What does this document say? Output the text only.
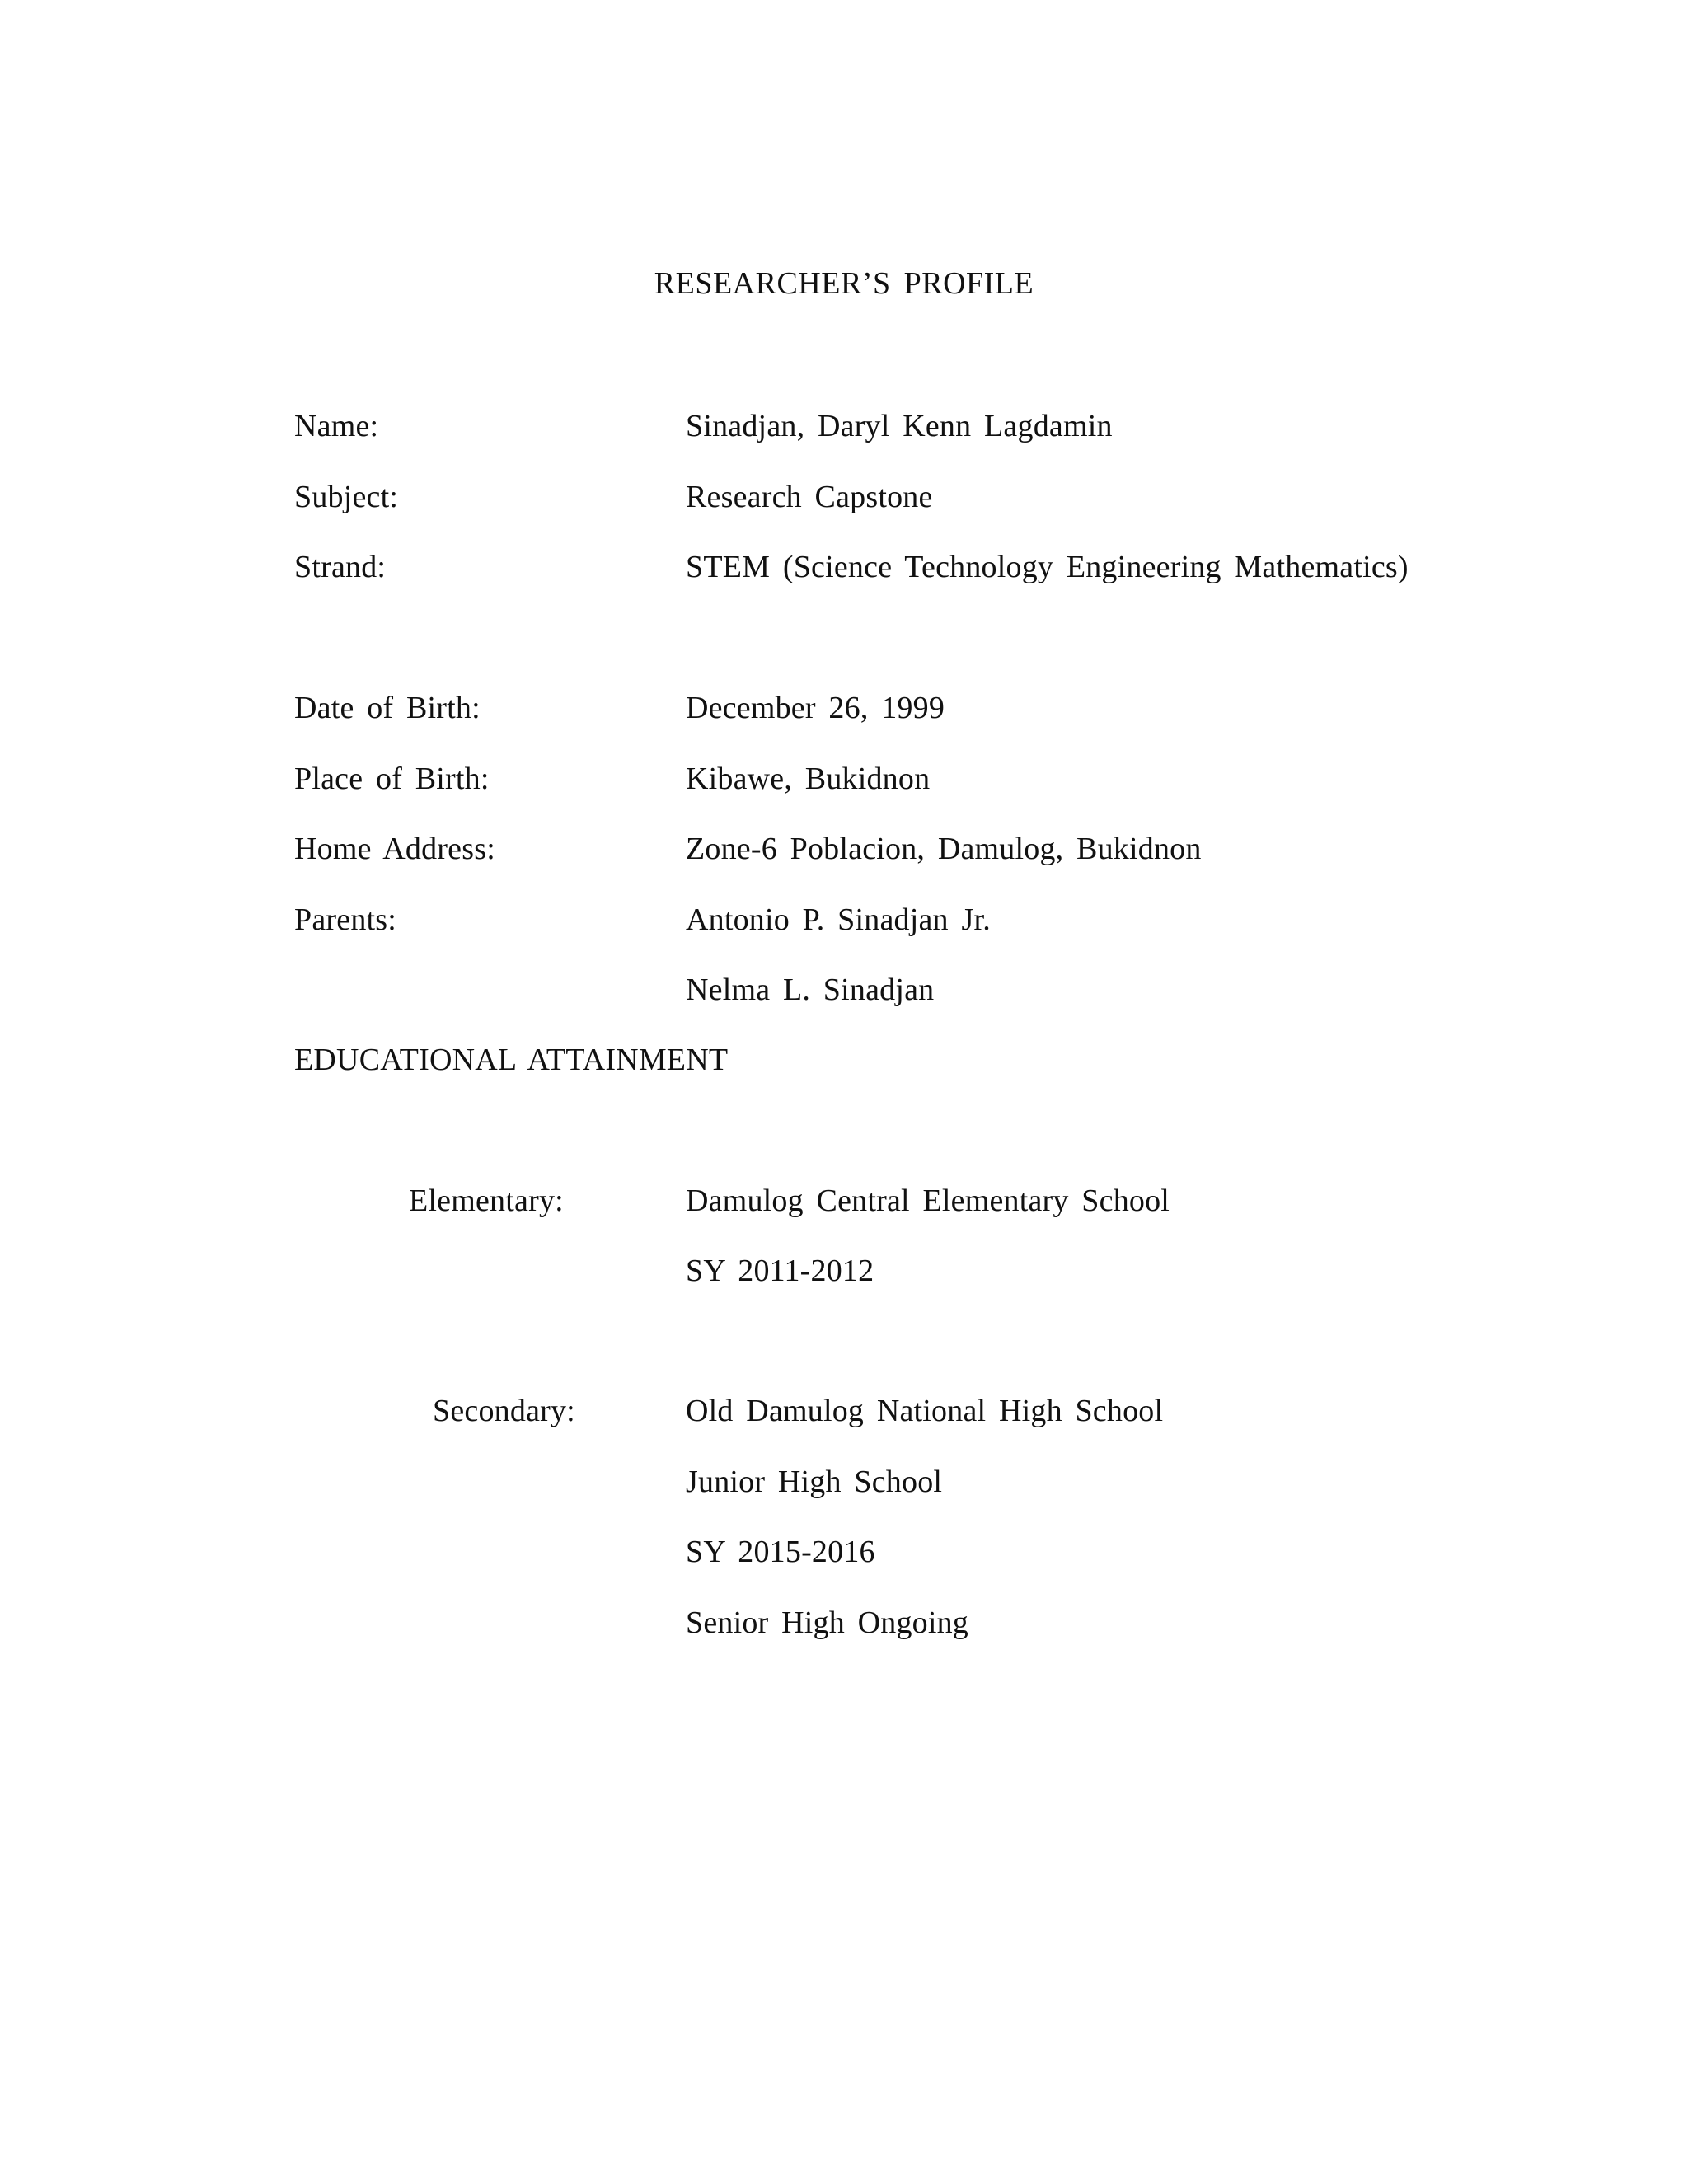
RESEARCHER’S PROFILE
Name:	Sinadjan, Daryl Kenn Lagdamin
Subject:	Research Capstone
Strand:	STEM (Science Technology Engineering Mathematics)
Date of Birth:	December 26, 1999
Place of Birth:	Kibawe, Bukidnon
Home Address:	Zone-6 Poblacion, Damulog, Bukidnon
Parents:	Antonio P. Sinadjan Jr.
Nelma L. Sinadjan
EDUCATIONAL ATTAINMENT
Elementary:	Damulog Central Elementary School
SY 2011-2012
Secondary:	Old Damulog National High School
Junior High School
SY 2015-2016
Senior High Ongoing
